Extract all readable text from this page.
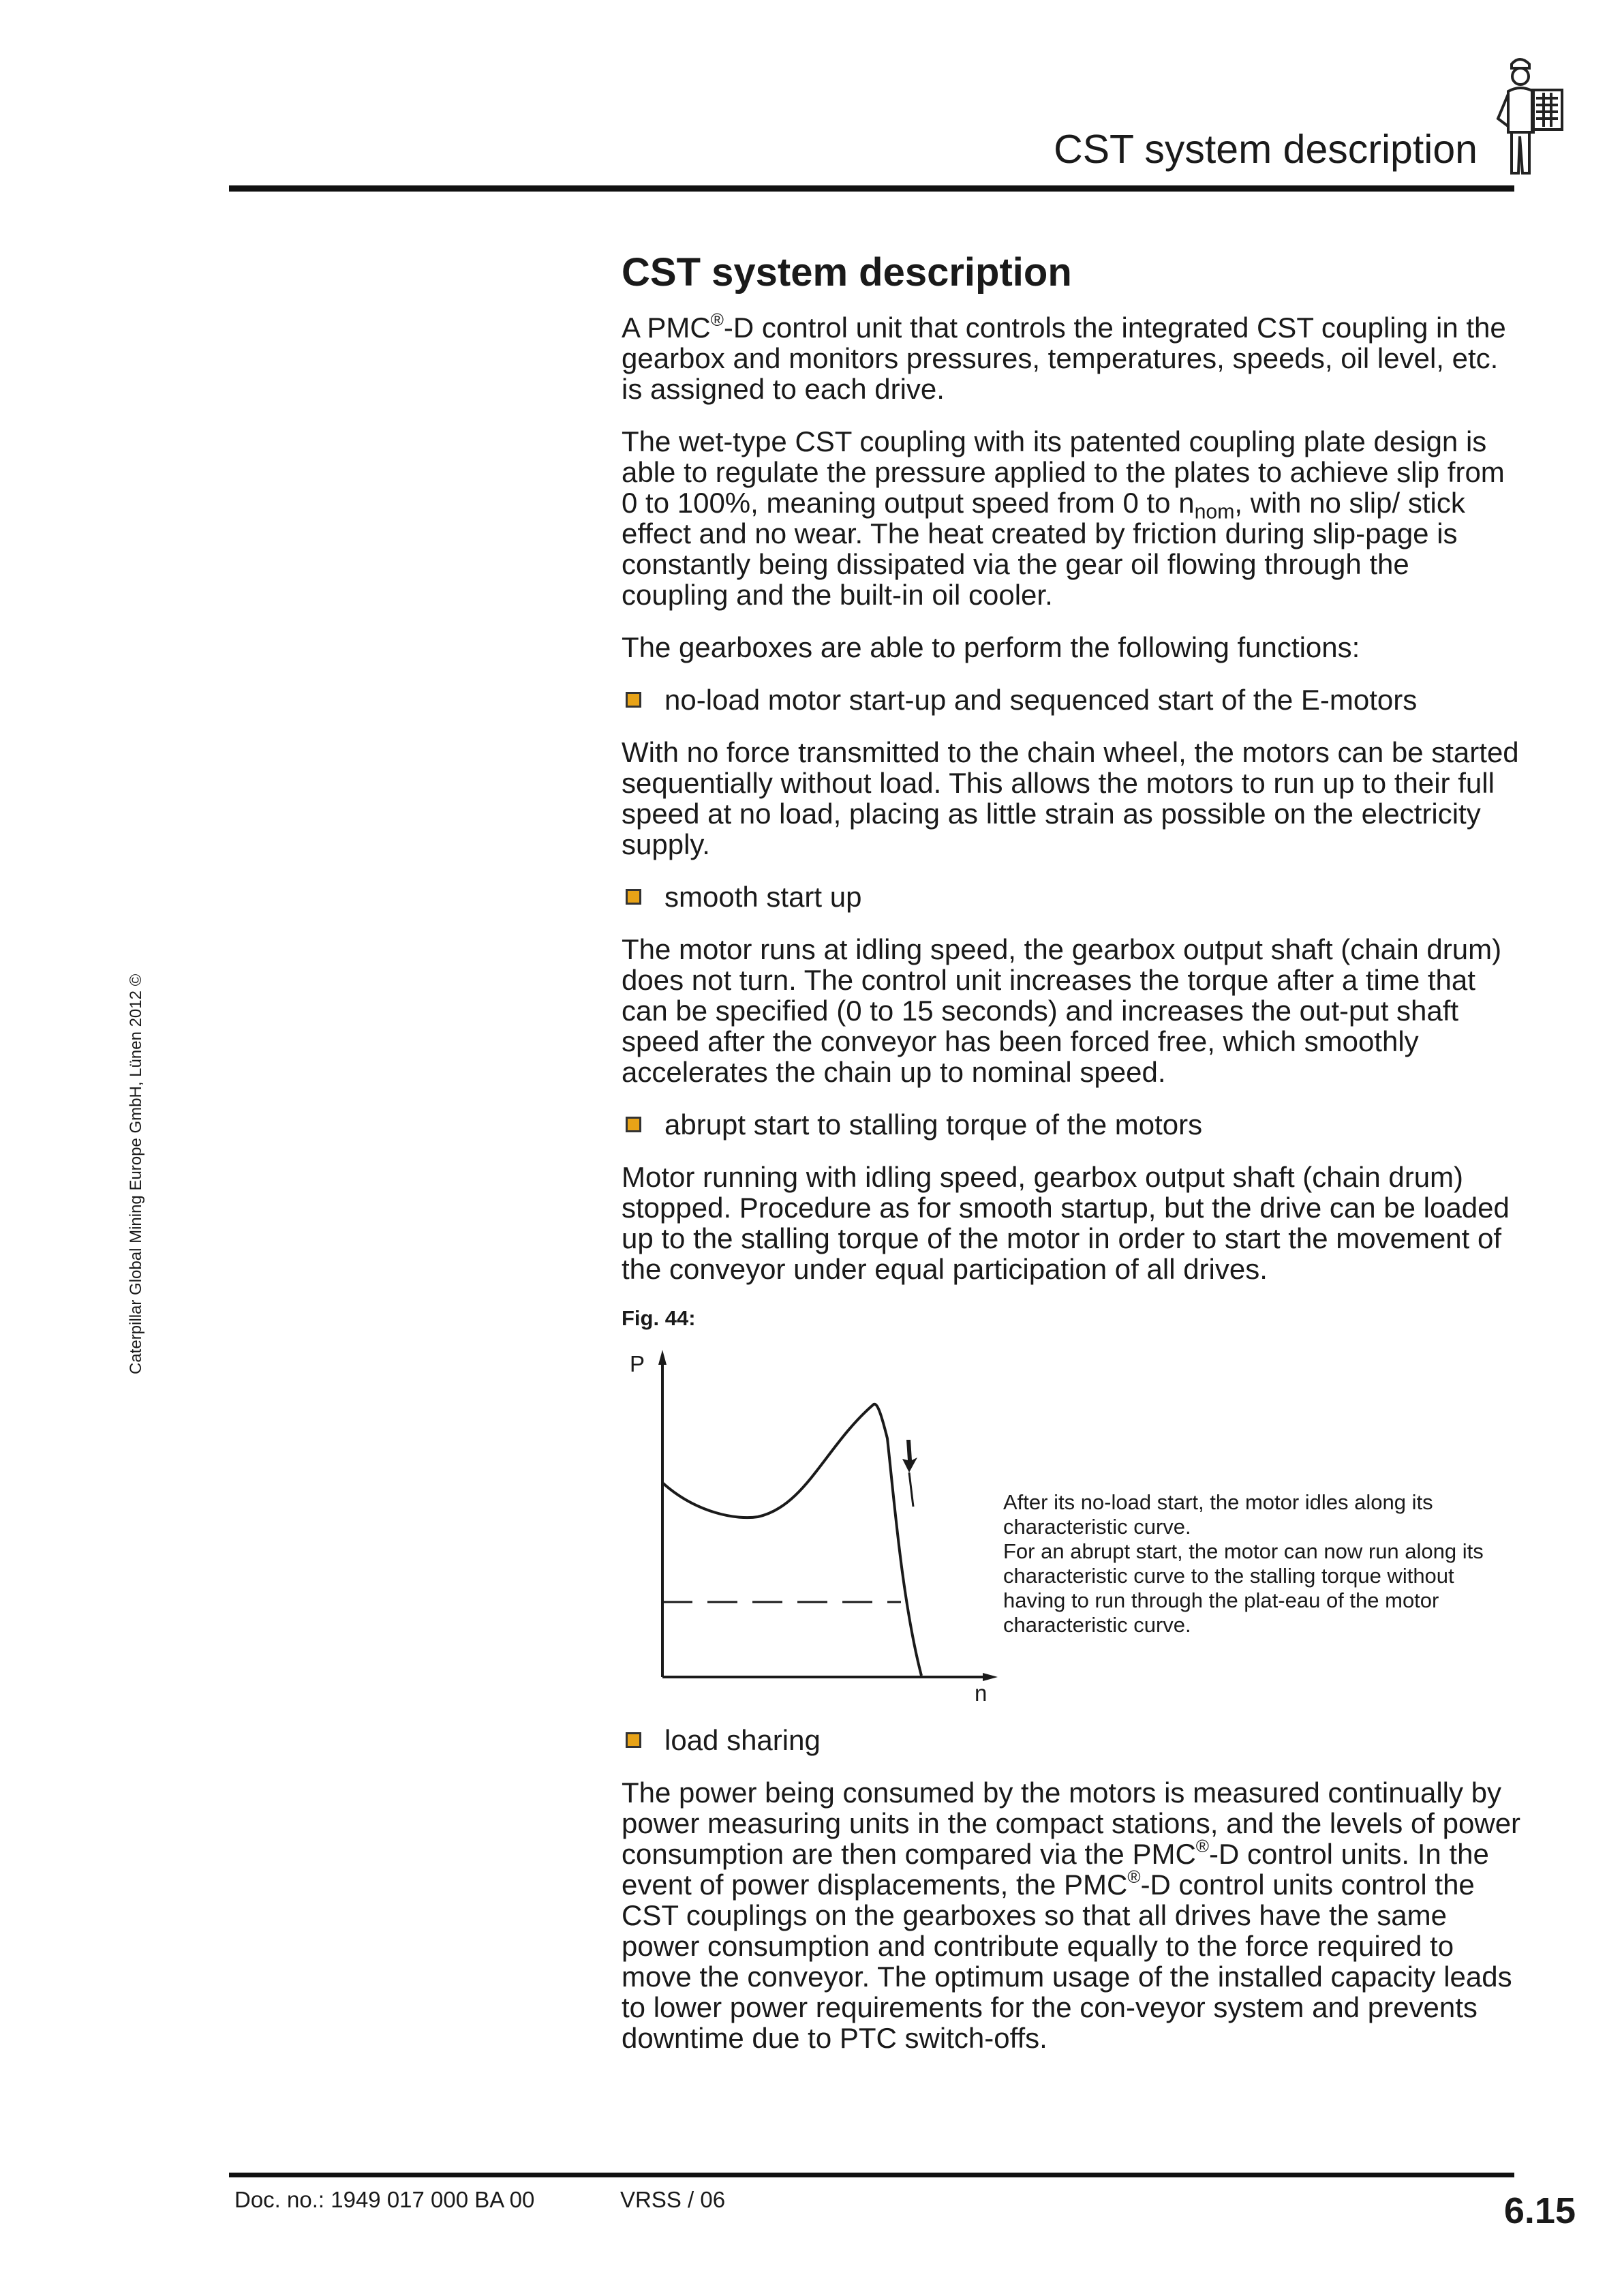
CST system description
Caterpillar Global Mining Europe GmbH, Lünen 2012 ©
CST system description

A PMC®-D control unit that controls the integrated CST coupling in the gearbox and monitors pressures, temperatures, speeds, oil level, etc. is assigned to each drive.

The wet-type CST coupling with its patented coupling plate design is able to regulate the pressure applied to the plates to achieve slip from 0 to 100%, meaning output speed from 0 to $n_{nom}$, with no slip/ stick effect and no wear. The heat created by friction during slip-page is constantly being dissipated via the gear oil flowing through the coupling and the built-in oil cooler.

The gearboxes are able to perform the following functions:

no-load motor start-up and sequenced start of the E-motors

With no force transmitted to the chain wheel, the motors can be started sequentially without load. This allows the motors to run up to their full speed at no load, placing as little strain as possible on the electricity supply.

smooth start up

The motor runs at idling speed, the gearbox output shaft (chain drum) does not turn. The control unit increases the torque after a time that can be specified (0 to 15 seconds) and increases the out-put shaft speed after the conveyor has been forced free, which smoothly accelerates the chain up to nominal speed.

abrupt start to stalling torque of the motors

Motor running with idling speed, gearbox output shaft (chain drum) stopped. Procedure as for smooth startup, but the drive can be loaded up to the stalling torque of the motor in order to start the movement of the conveyor under equal participation of all drives.

Fig. 44:
P
n

After its no-load start, the motor idles along its characteristic curve.

For an abrupt start, the motor can now run along its characteristic curve to the stalling torque without having to run through the plat-eau of the motor characteristic curve.

load sharing

The power being consumed by the motors is measured continually by power measuring units in the compact stations, and the levels of power consumption are then compared via the PMC®-D control units. In the event of power displacements, the PMC®-D control units control the CST couplings on the gearboxes so that all drives have the same power consumption and contribute equally to the force required to move the conveyor. The optimum usage of the installed capacity leads to lower power requirements for the con-veyor system and prevents downtime due to PTC switch-offs.

Doc. no.: 1949 017 000 BA 00	VRSS / 06	6.15
